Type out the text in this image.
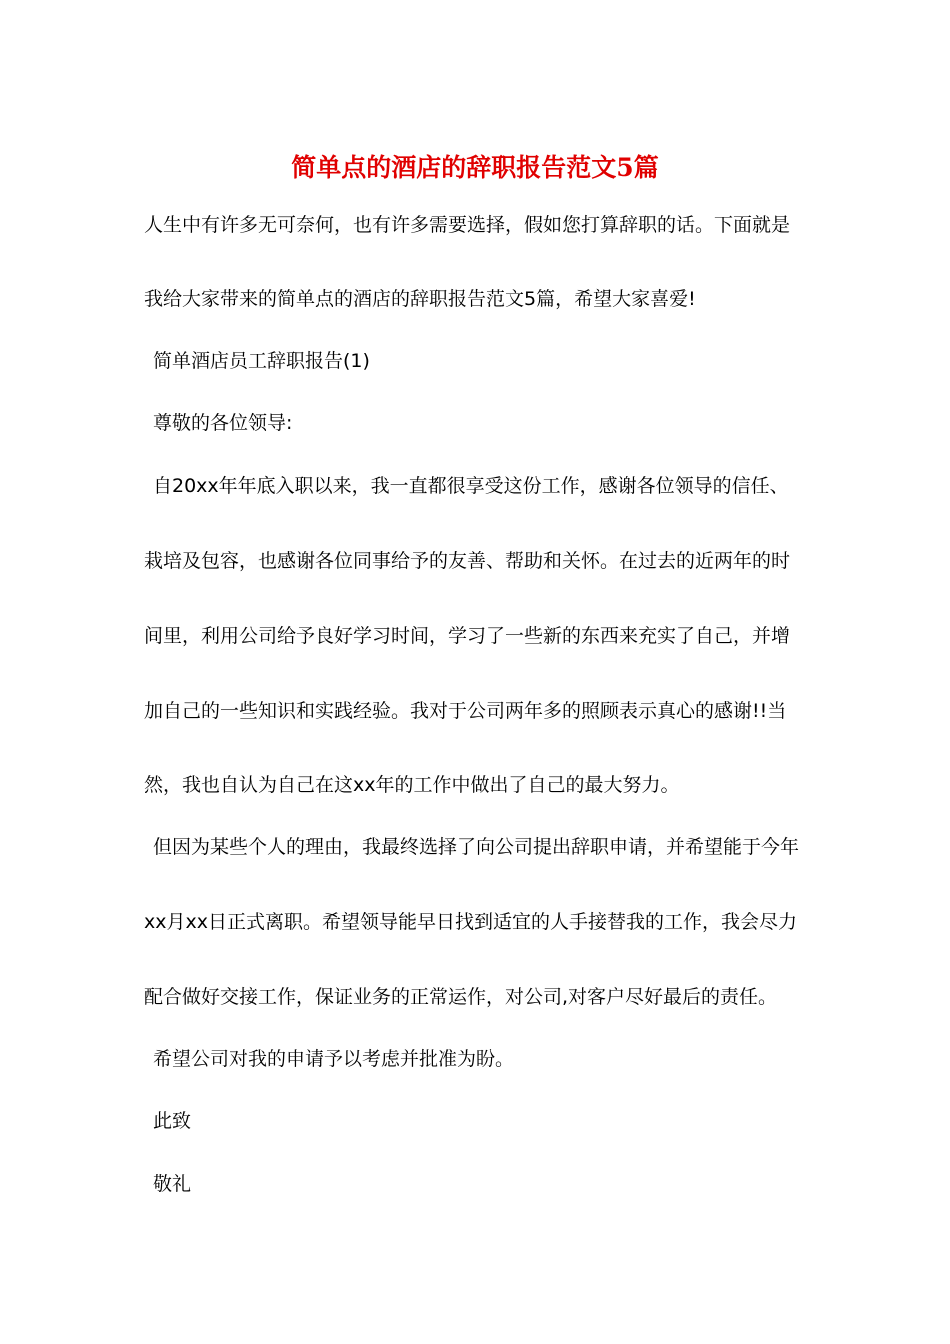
简单点的酒店的辞职报告范文5篇
人生中有许多无可奈何，也有许多需要选择，假如您打算辞职的话。下面就是
我给大家带来的简单点的酒店的辞职报告范文5篇，希望大家喜爱!
简单酒店员工辞职报告(1)
尊敬的各位领导:
自20xx年年底入职以来，我一直都很享受这份工作，感谢各位领导的信任、
栽培及包容，也感谢各位同事给予的友善、帮助和关怀。在过去的近两年的时
间里，利用公司给予良好学习时间，学习了一些新的东西来充实了自己，并增
加自己的一些知识和实践经验。我对于公司两年多的照顾表示真心的感谢!!当
然，我也自认为自己在这xx年的工作中做出了自己的最大努力。
但因为某些个人的理由，我最终选择了向公司提出辞职申请，并希望能于今年
xx月xx日正式离职。希望领导能早日找到适宜的人手接替我的工作，我会尽力
配合做好交接工作，保证业务的正常运作，对公司,对客户尽好最后的责任。
希望公司对我的申请予以考虑并批准为盼。
此致
敬礼
